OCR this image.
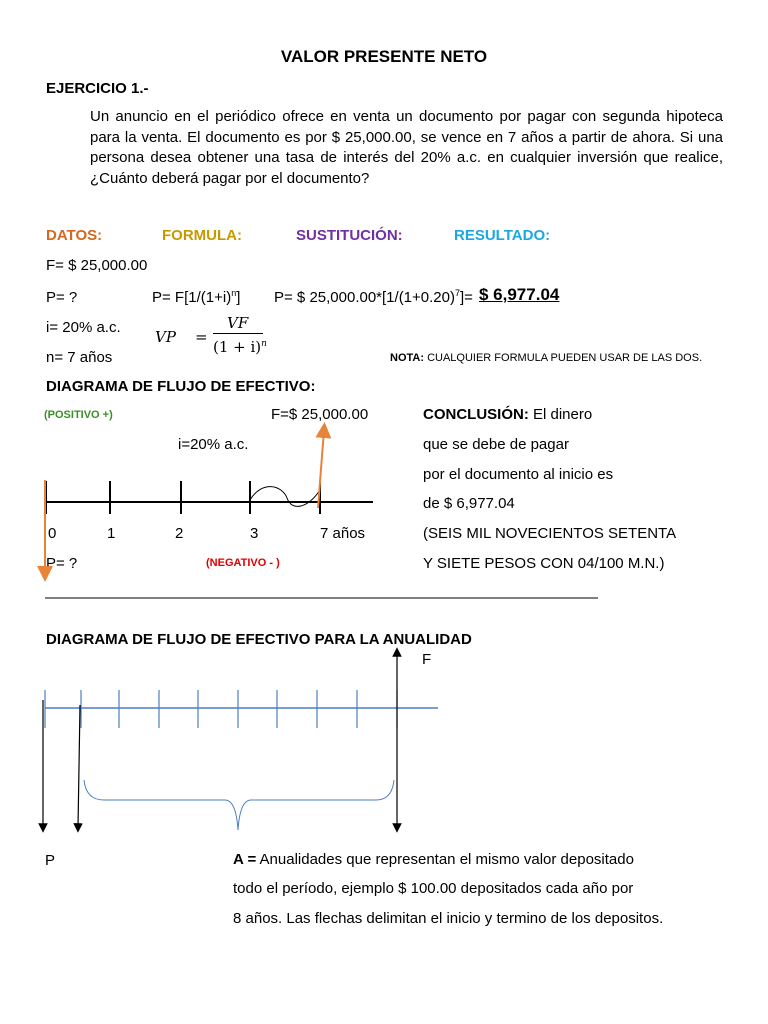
VALOR PRESENTE NETO
EJERCICIO 1.-
Un anuncio en el periódico ofrece en venta un documento por pagar con segunda hipoteca para la venta. El documento es por $ 25,000.00, se vence en 7 años a partir de ahora. Si una persona desea obtener una tasa de interés del 20% a.c. en cualquier inversión que realice, ¿Cuánto deberá pagar por el documento?
DATOS:	FORMULA:	SUSTITUCIÓN:	RESULTADO:
F= $ 25,000.00
P= ?
i= 20% a.c.
n= 7 años
$P= F[1/(1+i)^n]$
VP =
VF
$(1 + i)^n$
P= $ $25,000.00*[1/(1+0.20)^7]=$ $ 6,977.04
NOTA: CUALQUIER FORMULA PUEDEN USAR DE LAS DOS.
DIAGRAMA DE FLUJO DE EFECTIVO:
(POSITIVO +)	F=$ 25,000.00
i=20% a.c.
0	1	2	3	7 años
P= ?	(NEGATIVO - )
CONCLUSIÓN: El dinero
que se debe de pagar
por el documento al inicio es
de $ 6,977.04
(SEIS MIL NOVECIENTOS SETENTA
Y SIETE PESOS CON 04/100 M.N.)
DIAGRAMA DE FLUJO DE EFECTIVO PARA LA ANUALIDAD
F
P	A = Anualidades que representan el mismo valor depositado
todo el período, ejemplo $ 100.00 depositados cada año por
8 años. Las flechas delimitan el inicio y termino de los depositos.
